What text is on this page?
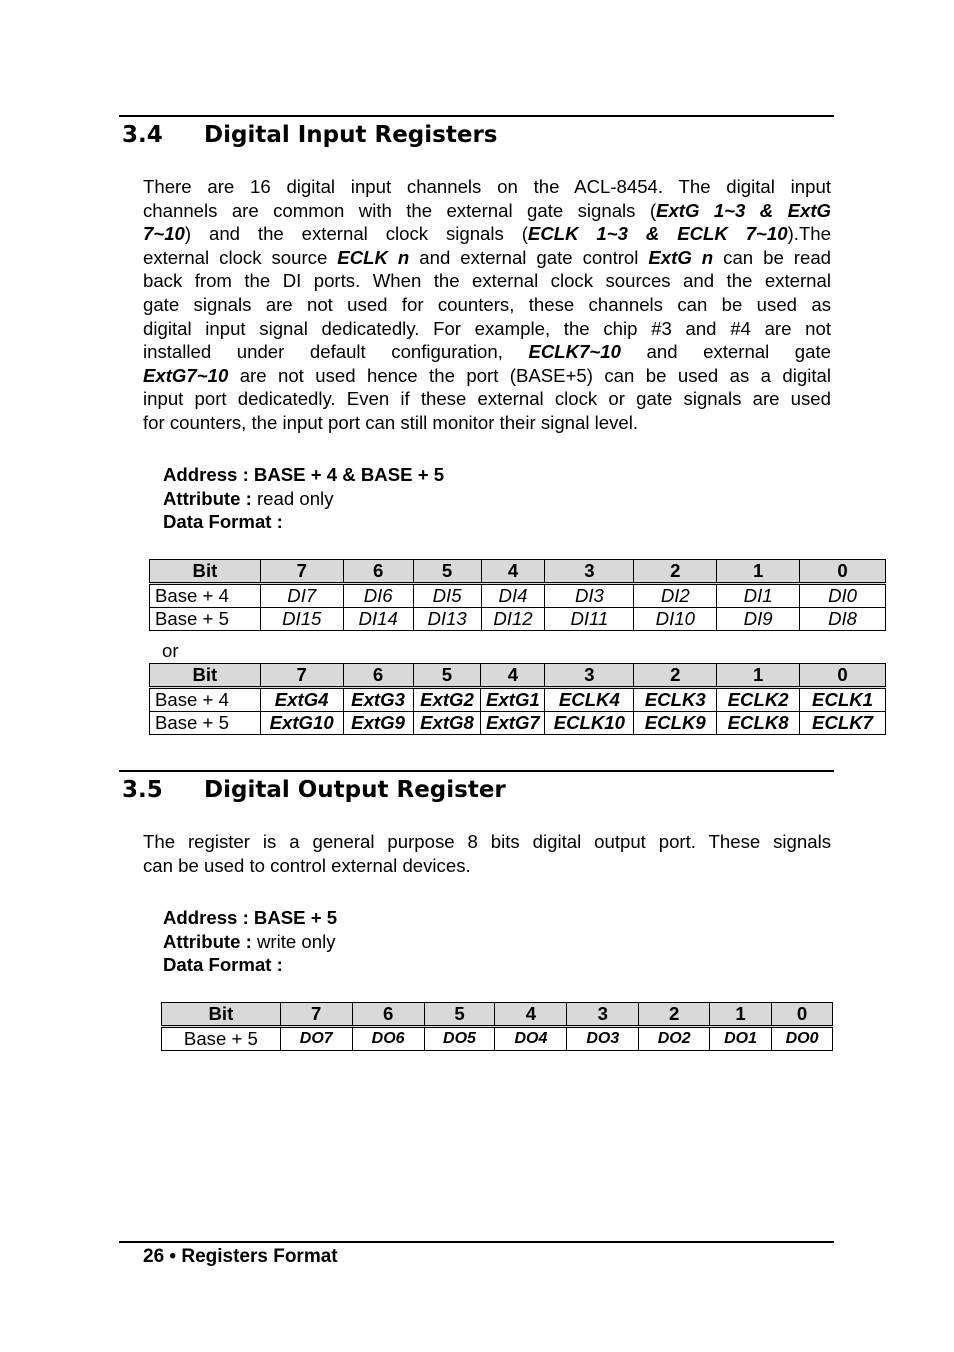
3.4 Digital Input Registers
There are 16 digital input channels on the ACL-8454. The digital input
channels are common with the external gate signals (ExtG 1~3 & ExtG
7~10) and the external clock signals (ECLK 1~3 & ECLK 7~10).The
external clock source ECLK n and external gate control ExtG n can be read
back from the DI ports. When the external clock sources and the external
gate signals are not used for counters, these channels can be used as
digital input signal dedicatedly. For example, the chip #3 and #4 are not
installed under default configuration, ECLK7~10 and external gate
ExtG7~10 are not used hence the port (BASE+5) can be used as a digital
input port dedicatedly. Even if these external clock or gate signals are used
for counters, the input port can still monitor their signal level.
Address : BASE + 4 & BASE + 5
Attribute : read only
Data Format :
Bit	7	6	5	4	3	2	1	0
Base + 4	DI7	DI6	DI5	DI4	DI3	DI2	DI1	DI0
Base + 5	DI15	DI14	DI13	DI12	DI11	DI10	DI9	DI8
or
Bit	7	6	5	4	3	2	1	0
Base + 4	ExtG4	ExtG3	ExtG2	ExtG1	ECLK4	ECLK3	ECLK2	ECLK1
Base + 5	ExtG10	ExtG9	ExtG8	ExtG7	ECLK10	ECLK9	ECLK8	ECLK7
3.5 Digital Output Register
The register is a general purpose 8 bits digital output port. These signals
can be used to control external devices.
Address : BASE + 5
Attribute : write only
Data Format :
Bit	7	6	5	4	3	2	1	0
Base + 5	DO7	DO6	DO5	DO4	DO3	DO2	DO1	DO0
26 • Registers Format
